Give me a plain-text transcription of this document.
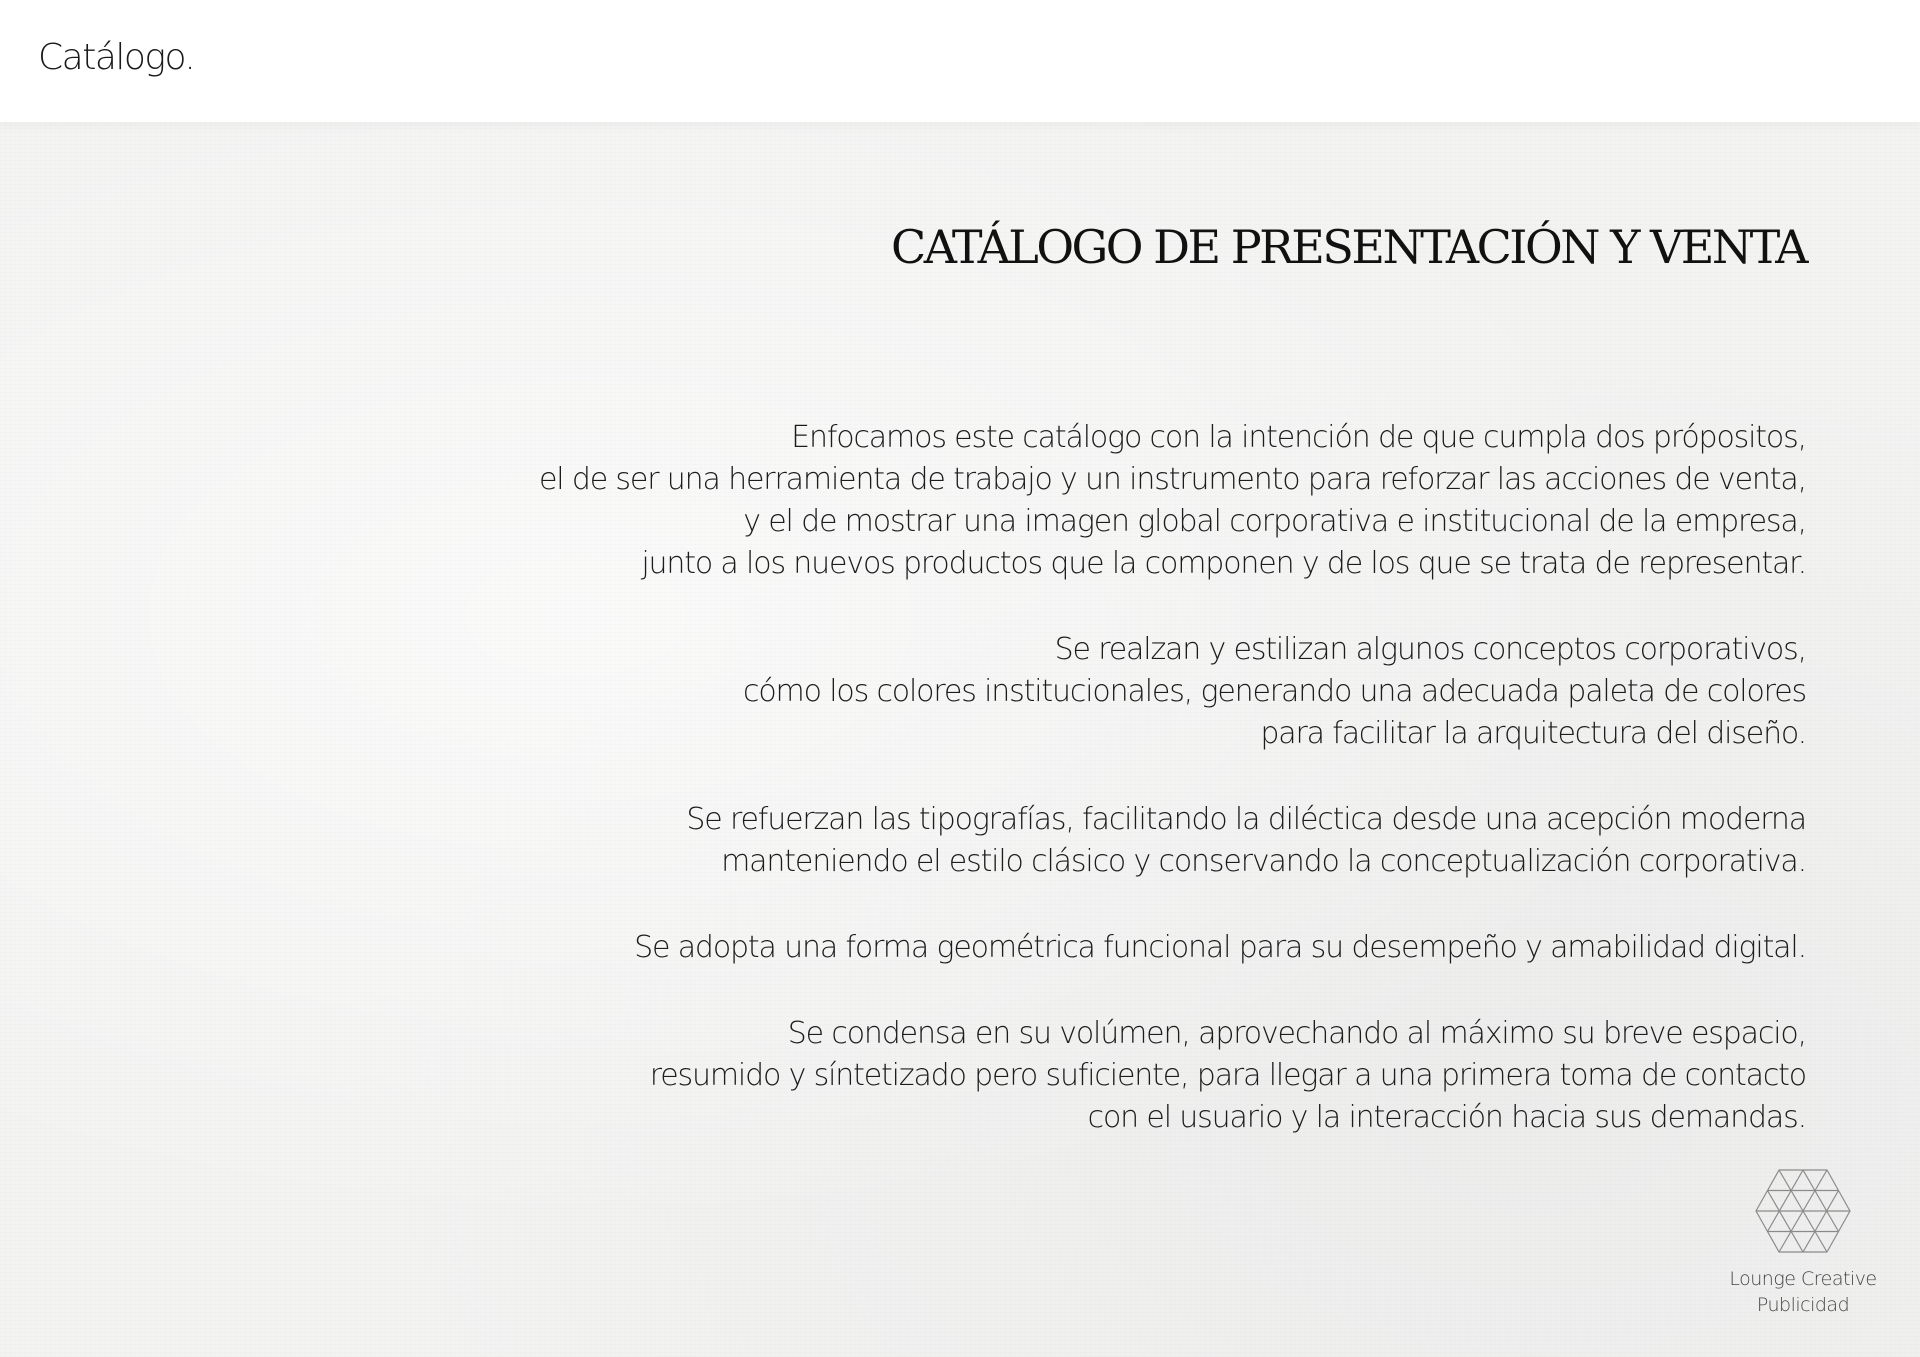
Catálogo.
CATÁLOGO DE PRESENTACIÓN Y VENTA

Enfocamos este catálogo con la intención de que cumpla dos própositos,
el de ser una herramienta de trabajo y un instrumento para reforzar las acciones de venta,
y el de mostrar una imagen global corporativa e institucional de la empresa,
junto a los nuevos productos que la componen y de los que se trata de representar.

Se realzan y estilizan algunos conceptos corporativos,
cómo los colores institucionales, generando una adecuada paleta de colores
para facilitar la arquitectura del diseño.

Se refuerzan las tipografías, facilitando la diléctica desde una acepción moderna
manteniendo el estilo clásico y conservando la conceptualización corporativa.

Se adopta una forma geométrica funcional para su desempeño y amabilidad digital.

Se condensa en su volúmen, aprovechando al máximo su breve espacio,
resumido y síntetizado pero suficiente, para llegar a una primera toma de contacto
con el usuario y la interacción hacia sus demandas.

Lounge Creative
Publicidad
